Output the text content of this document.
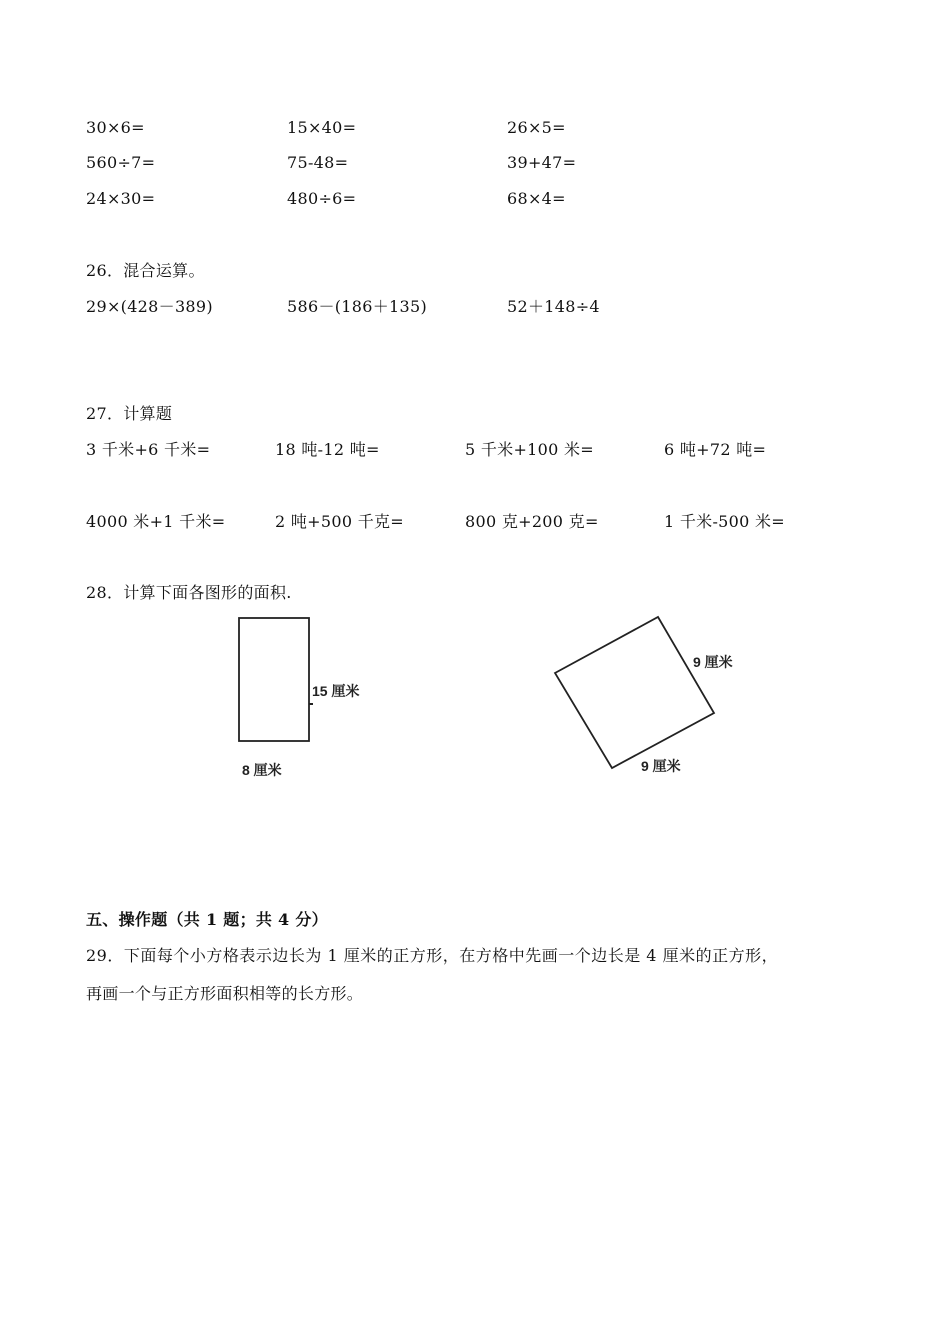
30×6=	15×40=	26×5=
560÷7=	75-48=	39+47=
24×30=	480÷6=	68×4=
26．混合运算。
29×(428－389)	586－(186＋135)	52＋148÷4
27．计算题
3 千米+6 千米=	18 吨-12 吨=	5 千米+100 米=	6 吨+72 吨=
4000 米+1 千米=	2 吨+500 千克=	800 克+200 克=	1 千米-500 米=
28．计算下面各图形的面积.
15 厘米
8 厘米
9 厘米
9 厘米
五、操作题（共 1 题；共 4 分）
29．下面每个小方格表示边长为 1 厘米的正方形，在方格中先画一个边长是 4 厘米的正方形，
再画一个与正方形面积相等的长方形。
